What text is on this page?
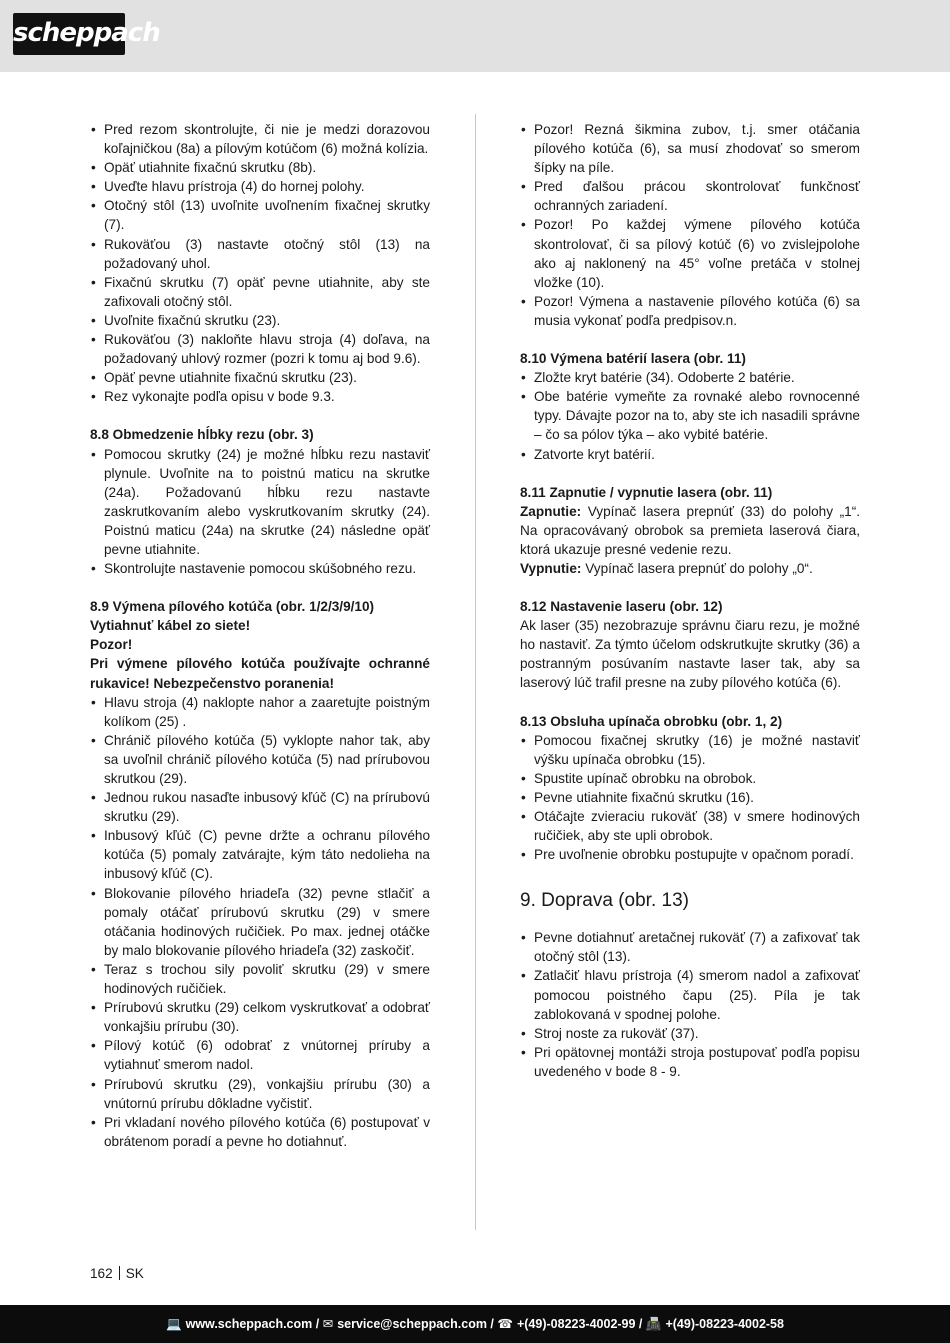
scheppach
• Pred rezom skontrolujte, či nie je medzi dorazovou koľajničkou (8a) a pílovým kotúčom (6) možná kolízia.
• Opäť utiahnite fixačnú skrutku (8b).
• Uveďte hlavu prístroja (4) do hornej polohy.
• Otočný stôl (13) uvoľnite uvoľnením fixačnej skrutky (7).
• Rukoväťou (3) nastavte otočný stôl (13) na požadovaný uhol.
• Fixačnú skrutku (7) opäť pevne utiahnite, aby ste zafixovali otočný stôl.
• Uvoľnite fixačnú skrutku (23).
• Rukoväťou (3) nakloňte hlavu stroja (4) doľava, na požadovaný uhlový rozmer (pozri k tomu aj bod 9.6).
• Opäť pevne utiahnite fixačnú skrutku (23).
• Rez vykonajte podľa opisu v bode 9.3.
8.8 Obmedzenie hĺbky rezu (obr. 3)
• Pomocou skrutky (24) je možné hĺbku rezu nastaviť plynule. Uvoľnite na to poistnú maticu na skrutke (24a). Požadovanú hĺbku rezu nastavte zaskrutkovaním alebo vyskrutkovaním skrutky (24). Poistnú maticu (24a) na skrutke (24) následne opäť pevne utiahnite.
• Skontrolujte nastavenie pomocou skúšobného rezu.
8.9 Výmena pílového kotúča (obr. 1/2/3/9/10)

Vytiahnuť kábel zo siete!

Pozor!

Pri výmene pílového kotúča používajte ochranné rukavice! Nebezpečenstvo poranenia!

• Hlavu stroja (4) naklopte nahor a zaaretujte poistným kolíkom (25) .
• Chránič pílového kotúča (5) vyklopte nahor tak, aby sa uvoľnil chránič pílového kotúča (5) nad prírubovou skrutkou (29).
• Jednou rukou nasaďte inbusový kľúč (C) na prírubovú skrutku (29).
• Inbusový kľúč (C) pevne držte a ochranu pílového kotúča (5) pomaly zatvárajte, kým táto nedolieha na inbusový kľúč (C).
• Blokovanie pílového hriadeľa (32) pevne stlačiť a pomaly otáčať prírubovú skrutku (29) v smere otáčania hodinových ručičiek. Po max. jednej otáčke by malo blokovanie pílového hriadeľa (32) zaskočiť.
• Teraz s trochou sily povoliť skrutku (29) v smere hodinových ručičiek.
• Prírubovú skrutku (29) celkom vyskrutkovať a odobrať vonkajšiu prírubu (30).
• Pílový kotúč (6) odobrať z vnútornej príruby a vytiahnuť smerom nadol.
• Prírubovú skrutku (29), vonkajšiu prírubu (30) a vnútornú prírubu dôkladne vyčistiť.
• Pri vkladaní nového pílového kotúča (6) postupovať v obrátenom poradí a pevne ho dotiahnuť.
• Pozor! Rezná šikmina zubov, t.j. smer otáčania pílového kotúča (6), sa musí zhodovať so smerom šípky na píle.
• Pred ďalšou prácou skontrolovať funkčnosť ochranných zariadení.
• Pozor! Po každej výmene pílového kotúča skontrolovať, či sa pílový kotúč (6) vo zvislejpolohe ako aj naklonený na 45° voľne pretáča v stolnej vložke (10).
• Pozor! Výmena a nastavenie pílového kotúča (6) sa musia vykonať podľa predpisov.n.
8.10 Výmena batérií lasera (obr. 11)
• Zložte kryt batérie (34). Odoberte 2 batérie.
• Obe batérie vymeňte za rovnaké alebo rovnocenné typy. Dávajte pozor na to, aby ste ich nasadili správne – čo sa pólov týka – ako vybité batérie.
• Zatvorte kryt batérií.
8.11 Zapnutie / vypnutie lasera (obr. 11)

Zapnutie: Vypínač lasera prepnúť (33) do polohy „1“. Na opracovávaný obrobok sa premieta laserová čiara, ktorá ukazuje presné vedenie rezu.

Vypnutie: Vypínač lasera prepnúť do polohy „0“.

8.12 Nastavenie laseru (obr. 12)

Ak laser (35) nezobrazuje správnu čiaru rezu, je možné ho nastaviť. Za týmto účelom odskrutkujte skrutky (36) a postranným posúvaním nastavte laser tak, aby sa laserový lúč trafil presne na zuby pílového kotúča (6).

8.13 Obsluha upínača obrobku (obr. 1, 2)
• Pomocou fixačnej skrutky (16) je možné nastaviť výšku upínača obrobku (15).
• Spustite upínač obrobku na obrobok.
• Pevne utiahnite fixačnú skrutku (16).
• Otáčajte zvieraciu rukoväť (38) v smere hodinových ručičiek, aby ste upli obrobok.
• Pre uvoľnenie obrobku postupujte v opačnom poradí.
9. Doprava (obr. 13)
• Pevne dotiahnuť aretačnej rukoväť (7) a zafixovať tak otočný stôl (13).
• Zatlačiť hlavu prístroja (4) smerom nadol a zafixovať pomocou poistného čapu (25). Píla je tak zablokovaná v spodnej polohe.
• Stroj noste za rukoväť (37).
• Pri opätovnej montáži stroja postupovať podľa popisu uvedeného v bode 8 - 9.
162 SK
💻 www.scheppach.com / ✉ service@scheppach.com / ☎ +(49)-08223-4002-99 / 📠 +(49)-08223-4002-58
